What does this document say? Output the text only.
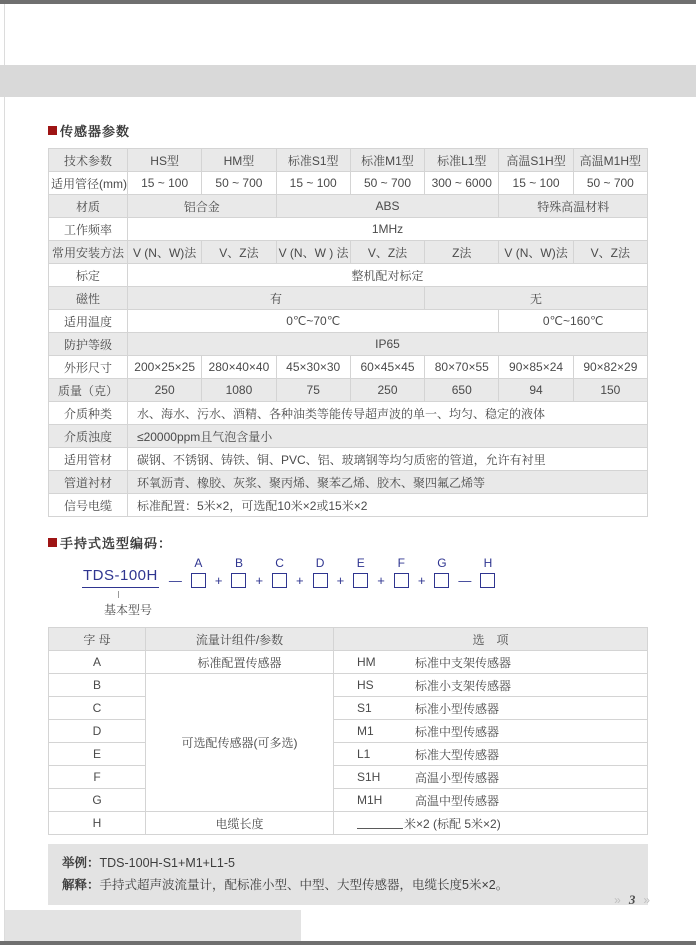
传感器参数
技术参数	HS型	HM型	标准S1型	标准M1型	标准L1型	高温S1H型	高温M1H型
适用管径(mm)	15 ~ 100	50 ~ 700	15 ~ 100	50 ~ 700	300 ~ 6000	15 ~ 100	50 ~ 700
材质	铝合金		ABS			特殊高温材料	
工作频率	1MHz						
常用安装方法	V (N、W)法	V、Z法	V (N、W ) 法	V、Z法	Z法	V (N、W)法	V、Z法
标定	整机配对标定						
磁性	有				无		
适用温度	0℃~70℃					0℃~160℃	
防护等级	IP65						
外形尺寸	200×25×25	280×40×40	45×30×30	60×45×45	80×70×55	90×85×24	90×82×29
质量（克）	250	1080	75	250	650	94	150
介质种类	水、海水、污水、酒精、各种油类等能传导超声波的单一、均匀、稳定的液体						
介质浊度	≤20000ppm且气泡含量小						
适用管材	碳钢、不锈钢、铸铁、铜、PVC、铝、玻璃钢等均匀质密的管道，允许有衬里						
管道衬材	环氧沥青、橡胶、灰浆、聚丙烯、聚苯乙烯、胶木、聚四氟乙烯等						
信号电缆	标准配置：5米×2，可选配10米×2或15米×2						
手持式选型编码：
TDS-100H —
A
+
B
+
C
+
D
+
E
+
F
+
G
—
H
基本型号
字 母	流量计组件/参数	选　项
A	标准配置传感器	HM 标准中支架传感器

B	可选配传感器(可多选)	HS 标准小支架传感器

C		S1 标准小型传感器

D		M1 标准中型传感器

E		L1 标准大型传感器

F		S1H 高温小型传感器

G		M1H 高温中型传感器

H	电缆长度	米×2 (标配 5米×2)
举例：TDS-100H-S1+M1+L1-5
解释：手持式超声波流量计，配标准小型、中型、大型传感器，电缆长度5米×2。
» 3 »
